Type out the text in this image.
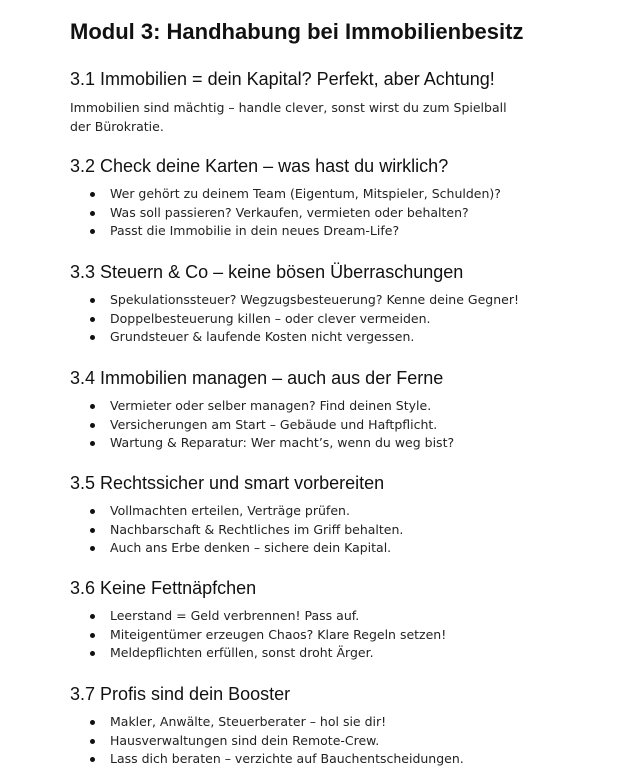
Modul 3: Handhabung bei Immobilienbesitz
3.1 Immobilien = dein Kapital? Perfekt, aber Achtung!

Immobilien sind mächtig – handle clever, sonst wirst du zum Spielball der Bürokratie.

3.2 Check deine Karten – was hast du wirklich?
Wer gehört zu deinem Team (Eigentum, Mitspieler, Schulden)?
Was soll passieren? Verkaufen, vermieten oder behalten?
Passt die Immobilie in dein neues Dream-Life?
3.3 Steuern & Co – keine bösen Überraschungen
Spekulationssteuer? Wegzugsbesteuerung? Kenne deine Gegner!
Doppelbesteuerung killen – oder clever vermeiden.
Grundsteuer & laufende Kosten nicht vergessen.
3.4 Immobilien managen – auch aus der Ferne
Vermieter oder selber managen? Find deinen Style.
Versicherungen am Start – Gebäude und Haftpflicht.
Wartung & Reparatur: Wer macht’s, wenn du weg bist?
3.5 Rechtssicher und smart vorbereiten
Vollmachten erteilen, Verträge prüfen.
Nachbarschaft & Rechtliches im Griff behalten.
Auch ans Erbe denken – sichere dein Kapital.
3.6 Keine Fettnäpfchen
Leerstand = Geld verbrennen! Pass auf.
Miteigentümer erzeugen Chaos? Klare Regeln setzen!
Meldepflichten erfüllen, sonst droht Ärger.
3.7 Profis sind dein Booster
Makler, Anwälte, Steuerberater – hol sie dir!
Hausverwaltungen sind dein Remote-Crew.
Lass dich beraten – verzichte auf Bauchentscheidungen.
